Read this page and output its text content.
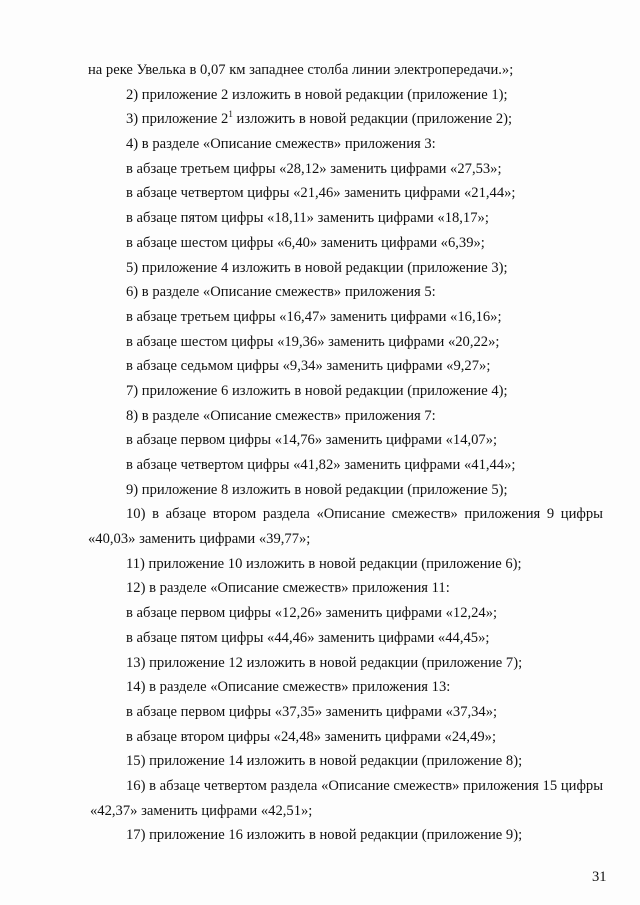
на реке Увелька в 0,07 км западнее столба линии электропередачи.»;
2) приложение 2 изложить в новой редакции (приложение 1);
3) приложение $2^1$ изложить в новой редакции (приложение 2);
4) в разделе «Описание смежеств» приложения 3:
в абзаце третьем цифры «28,12» заменить цифрами «27,53»;
в абзаце четвертом цифры «21,46» заменить цифрами «21,44»;
в абзаце пятом цифры «18,11» заменить цифрами «18,17»;
в абзаце шестом цифры «6,40» заменить цифрами «6,39»;
5) приложение 4 изложить в новой редакции (приложение 3);
6) в разделе «Описание смежеств» приложения 5:
в абзаце третьем цифры «16,47» заменить цифрами «16,16»;
в абзаце шестом цифры «19,36» заменить цифрами «20,22»;
в абзаце седьмом цифры «9,34» заменить цифрами «9,27»;
7) приложение 6 изложить в новой редакции (приложение 4);
8) в разделе «Описание смежеств» приложения 7:
в абзаце первом цифры «14,76» заменить цифрами «14,07»;
в абзаце четвертом цифры «41,82» заменить цифрами «41,44»;
9) приложение 8 изложить в новой редакции (приложение 5);
10) в абзаце втором раздела «Описание смежеств» приложения 9 цифры
«40,03» заменить цифрами «39,77»;
11) приложение 10 изложить в новой редакции (приложение 6);
12) в разделе «Описание смежеств» приложения 11:
в абзаце первом цифры «12,26» заменить цифрами «12,24»;
в абзаце пятом цифры «44,46» заменить цифрами «44,45»;
13) приложение 12 изложить в новой редакции (приложение 7);
14) в разделе «Описание смежеств» приложения 13:
в абзаце первом цифры «37,35» заменить цифрами «37,34»;
в абзаце втором цифры «24,48» заменить цифрами «24,49»;
15) приложение 14 изложить в новой редакции (приложение 8);
16) в абзаце четвертом раздела «Описание смежеств» приложения 15 цифры
«42,37» заменить цифрами «42,51»;
17) приложение 16 изложить в новой редакции (приложение 9);
31
